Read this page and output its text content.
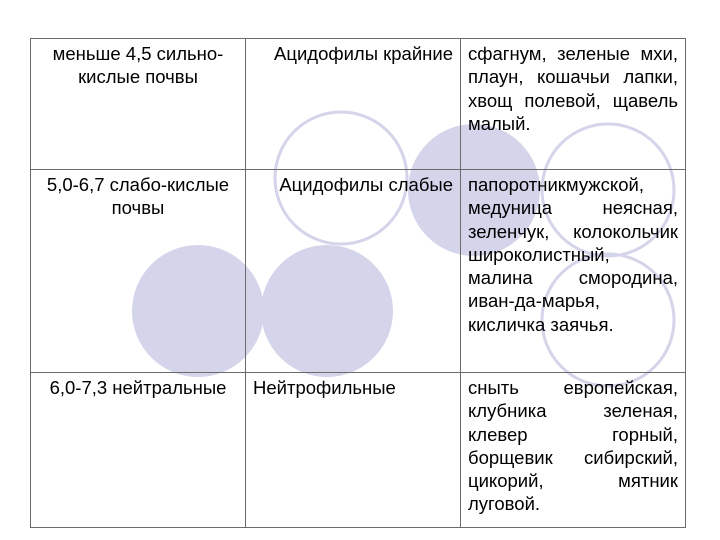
меньше 4,5 сильно-кислые почвы	Ацидофилы крайние	сфагнум, зеленые мхи, плаун, кошачьи лапки, хвощ полевой, щавель малый.

5,0-6,7 слабо-кислые почвы	Ацидофилы слабые	папоротникмужской, медуница неясная, зеленчук, колокольчик широколистный, малина смородина, иван-да-марья, кисличка заячья.

6,0-7,3 нейтральные	Нейтрофильные	сныть европейская, клубника зеленая, клевер горный, борщевик сибирский, цикорий, мятник луговой.
